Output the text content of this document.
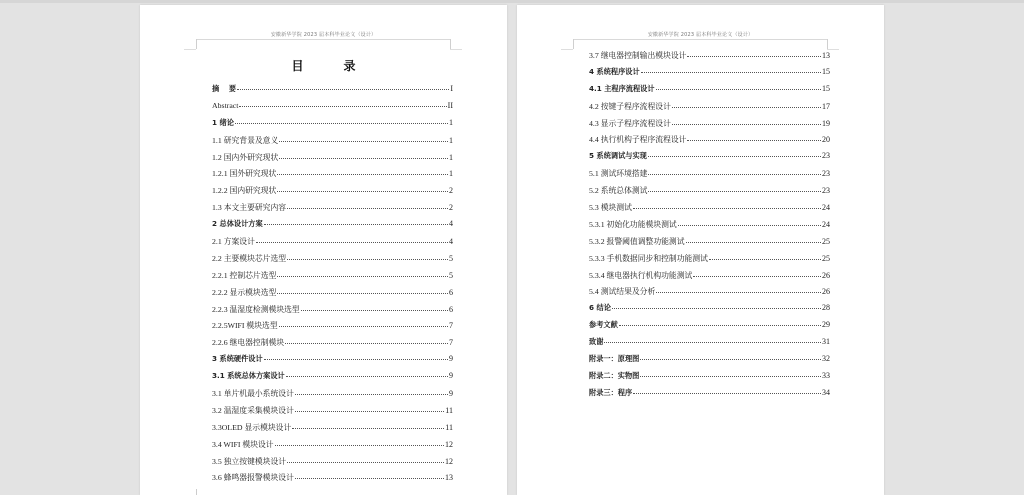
安徽新华学院 2023 届本科毕业论文（设计）
目　录
摘　 要	I
Abstract	II
1 绪论	1
1.1 研究背景及意义	1
1.2 国内外研究现状	1
1.2.1 国外研究现状	1
1.2.2 国内研究现状	2
1.3 本文主要研究内容	2
2 总体设计方案	4
2.1 方案设计	4
2.2 主要模块芯片选型	5
2.2.1 控制芯片选型	5
2.2.2 显示模块选型	6
2.2.3 温湿度检测模块选型	6
2.2.5WIFI 模块选型	7
2.2.6 继电器控制模块	7
3 系统硬件设计	9
3.1 系统总体方案设计	9
3.1 单片机最小系统设计	9
3.2 温湿度采集模块设计	11
3.3OLED 显示模块设计	11
3.4 WIFI 模块设计	12
3.5 独立按键模块设计	12
3.6 蜂鸣器报警模块设计	13
安徽新华学院 2023 届本科毕业论文（设计）
3.7 继电器控制输出模块设计	13
4 系统程序设计	15
4.1 主程序流程设计	15
4.2 按键子程序流程设计	17
4.3 显示子程序流程设计	19
4.4 执行机构子程序流程设计	20
5 系统调试与实现	23
5.1 测试环境搭建	23
5.2 系统总体测试	23
5.3 模块测试	24
5.3.1 初始化功能模块测试	24
5.3.2 报警阈值调整功能测试	25
5.3.3 手机数据同步和控制功能测试	25
5.3.4 继电器执行机构功能测试	26
5.4 测试结果及分析	26
6 结论	28
参考文献	29
致谢	31
附录一：原理图	32
附录二：实物图	33
附录三：程序	34
